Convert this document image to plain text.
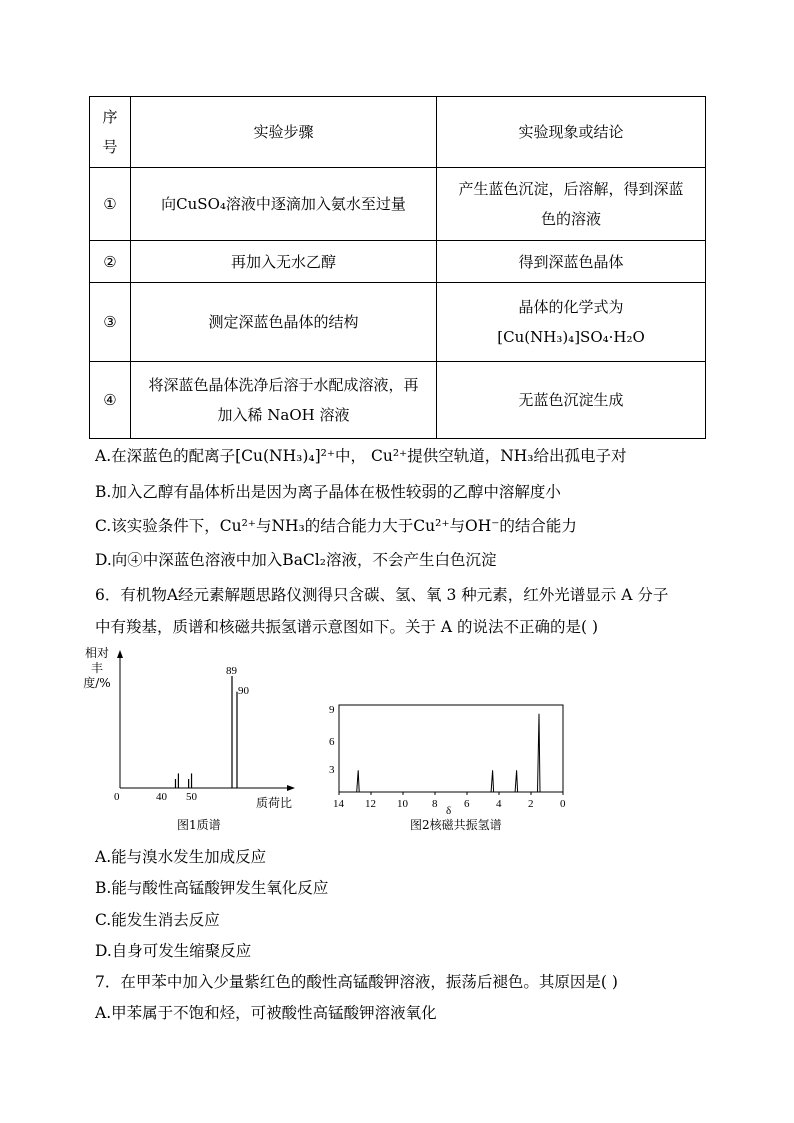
序号	实验步骤	实验现象或结论
①	向CuSO₄溶液中逐滴加入氨水至过量	产生蓝色沉淀，后溶解，得到深蓝色的溶液
②	再加入无水乙醇	得到深蓝色晶体
③	测定深蓝色晶体的结构	晶体的化学式为 [Cu(NH₃)₄]SO₄·H₂O
④	将深蓝色晶体洗净后溶于水配成溶液，再加入稀 NaOH 溶液	无蓝色沉淀生成
A.在深蓝色的配离子[Cu(NH₃)₄]²⁺中， Cu²⁺提供空轨道，NH₃给出孤电子对
B.加入乙醇有晶体析出是因为离子晶体在极性较弱的乙醇中溶解度小
C.该实验条件下，Cu²⁺与NH₃的结合能力大于Cu²⁺与OH⁻的结合能力
D.向④中深蓝色溶液中加入BaCl₂溶液，不会产生白色沉淀
6．有机物A经元素解题思路仪测得只含碳、氢、氧 3 种元素，红外光谱显示 A 分子
中有羧基，质谱和核磁共振氢谱示意图如下。关于 A 的说法不正确的是( )
89
90
0	40 50
相对丰度/%
质荷比
图1质谱
14 12 10 8 6 4 2 0
9
6
3
δ
图2核磁共振氢谱
A.能与溴水发生加成反应
B.能与酸性高锰酸钾发生氧化反应
C.能发生消去反应
D.自身可发生缩聚反应
7．在甲苯中加入少量紫红色的酸性高锰酸钾溶液，振荡后褪色。其原因是( )
A.甲苯属于不饱和烃，可被酸性高锰酸钾溶液氧化
